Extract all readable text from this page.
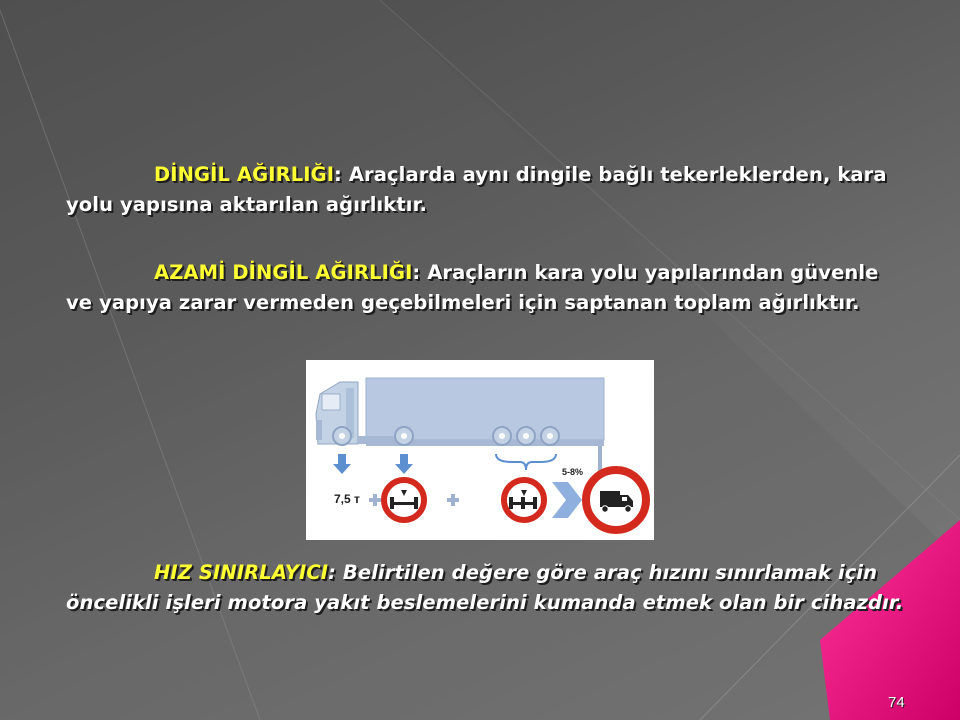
DİNGİL AĞIRLIĞI: Araçlarda aynı dingile bağlı tekerleklerden, kara yolu yapısına aktarılan ağırlıktır.
AZAMİ DİNGİL AĞIRLIĞI: Araçların kara yolu yapılarından güvenle ve yapıya zarar vermeden geçebilmeleri için saptanan toplam ağırlıktır.
7,5 т
5-8%
HIZ SINIRLAYICI: Belirtilen değere göre araç hızını sınırlamak için öncelikli işleri motora yakıt beslemelerini kumanda etmek olan bir cihazdır.
74
